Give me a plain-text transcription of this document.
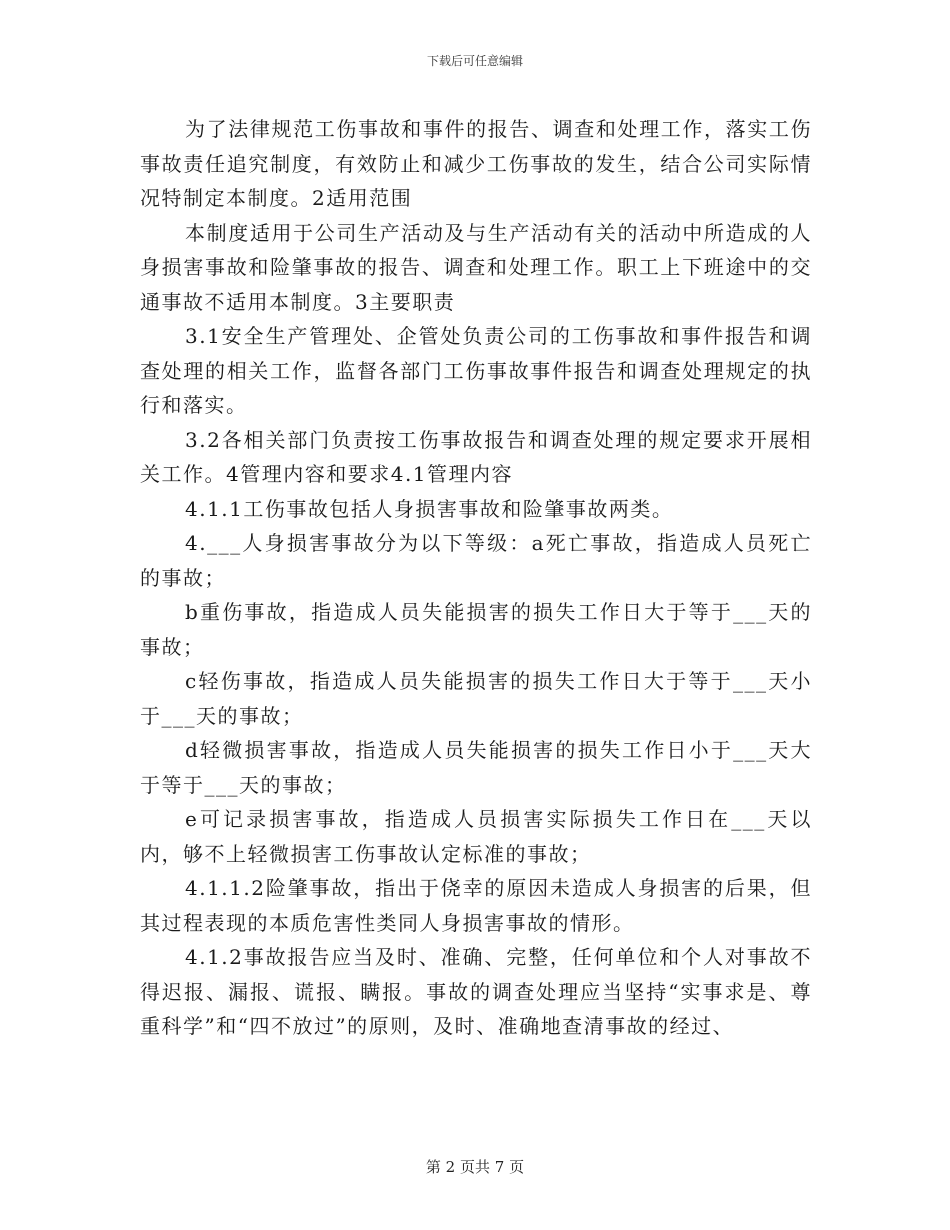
下载后可任意编辑

为了法律规范工伤事故和事件的报告、调查和处理工作，落实工伤事故责任追究制度，有效防止和减少工伤事故的发生，结合公司实际情况特制定本制度。2适用范围

本制度适用于公司生产活动及与生产活动有关的活动中所造成的人身损害事故和险肇事故的报告、调查和处理工作。职工上下班途中的交通事故不适用本制度。3主要职责

3.1安全生产管理处、企管处负责公司的工伤事故和事件报告和调查处理的相关工作，监督各部门工伤事故事件报告和调查处理规定的执行和落实。

3.2各相关部门负责按工伤事故报告和调查处理的规定要求开展相关工作。4管理内容和要求4.1管理内容

4.1.1工伤事故包括人身损害事故和险肇事故两类。

4.___人身损害事故分为以下等级：a死亡事故，指造成人员死亡的事故；

b重伤事故，指造成人员失能损害的损失工作日大于等于___天的事故；

c轻伤事故，指造成人员失能损害的损失工作日大于等于___天小于___天的事故；

d轻微损害事故，指造成人员失能损害的损失工作日小于___天大于等于___天的事故；

e可记录损害事故，指造成人员损害实际损失工作日在___天以内，够不上轻微损害工伤事故认定标准的事故；

4.1.1.2险肇事故，指出于侥幸的原因未造成人身损害的后果，但其过程表现的本质危害性类同人身损害事故的情形。

4.1.2事故报告应当及时、准确、完整，任何单位和个人对事故不得迟报、漏报、谎报、瞒报。事故的调查处理应当坚持“实事求是、尊重科学”和“四不放过”的原则，及时、准确地查清事故的经过、

第 2 页共 7 页
